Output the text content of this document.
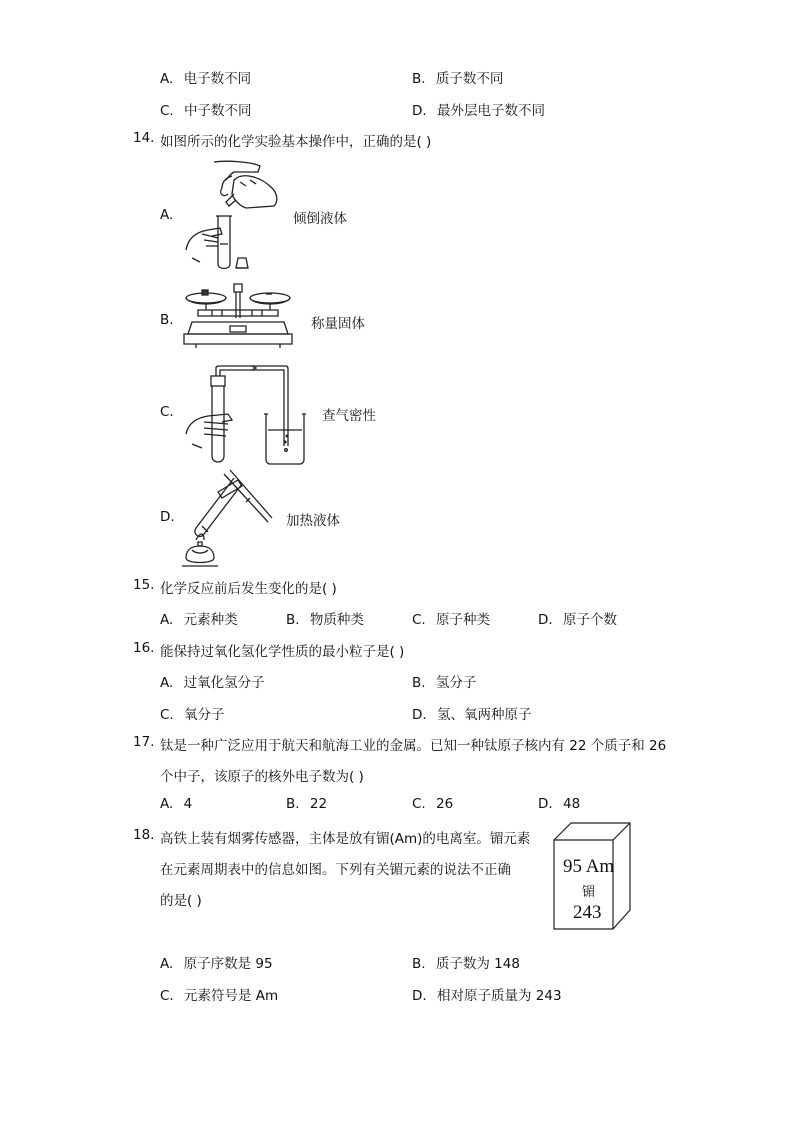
A. 电子数不同	B. 质子数不同
C. 中子数不同	D. 最外层电子数不同
14. 如图所示的化学实验基本操作中，正确的是( )
A.	倾倒液体
B.	称量固体
C.	查气密性
D.	加热液体
15. 化学反应前后发生变化的是( )
A. 元素种类	B. 物质种类	C. 原子种类	D. 原子个数
16. 能保持过氧化氢化学性质的最小粒子是( )
A. 过氧化氢分子	B. 氢分子
C. 氧分子	D. 氢、氧两种原子
17. 钛是一种广泛应用于航天和航海工业的金属。已知一种钛原子核内有 22 个质子和 26
个中子，该原子的核外电子数为( )
A. 4	B. 22	C. 26	D. 48
18. 高铁上装有烟雾传感器，主体是放有镅(Am)的电离室。镅元素
在元素周期表中的信息如图。下列有关镅元素的说法不正确
的是( )
95 Am
镅
243
A. 原子序数是 95	B. 质子数为 148
C. 元素符号是 Am	D. 相对原子质量为 243
